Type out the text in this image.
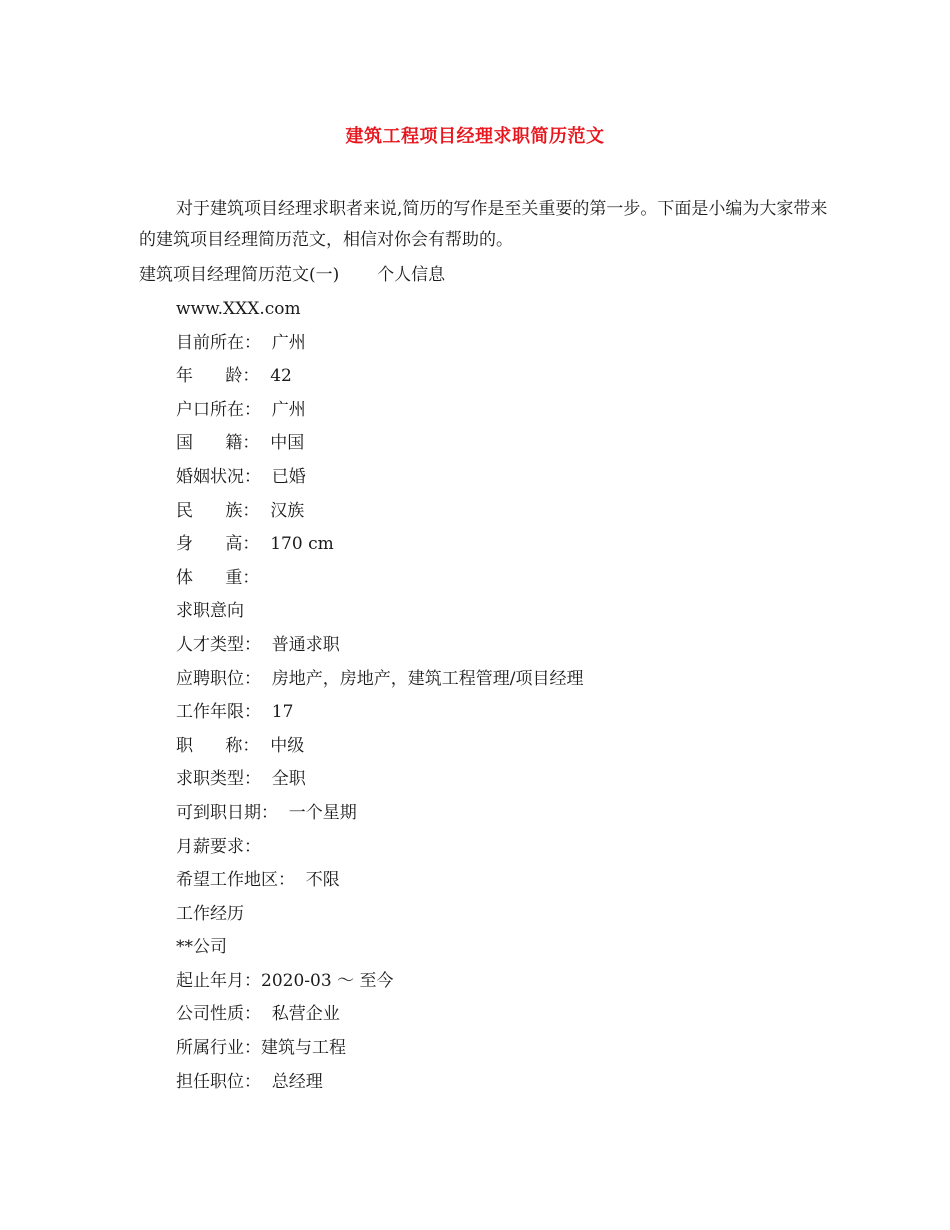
建筑工程项目经理求职简历范文
对于建筑项目经理求职者来说,简历的写作是至关重要的第一步。下面是小编为大家带来的建筑项目经理简历范文，相信对你会有帮助的。
建筑项目经理简历范文(一) 个人信息
www.XXX.com
目前所在：  广州
年      龄：  42
户口所在：  广州
国      籍：  中国
婚姻状况：  已婚
民      族：  汉族
身      高：  170 cm
体      重：
求职意向
人才类型：  普通求职
应聘职位：  房地产，房地产，建筑工程管理/项目经理
工作年限：  17
职      称：  中级
求职类型：  全职
可到职日期：  一个星期
月薪要求：
希望工作地区：  不限
工作经历
**公司
起止年月：2020-03 ～ 至今
公司性质：  私营企业
所属行业：建筑与工程
担任职位：  总经理
